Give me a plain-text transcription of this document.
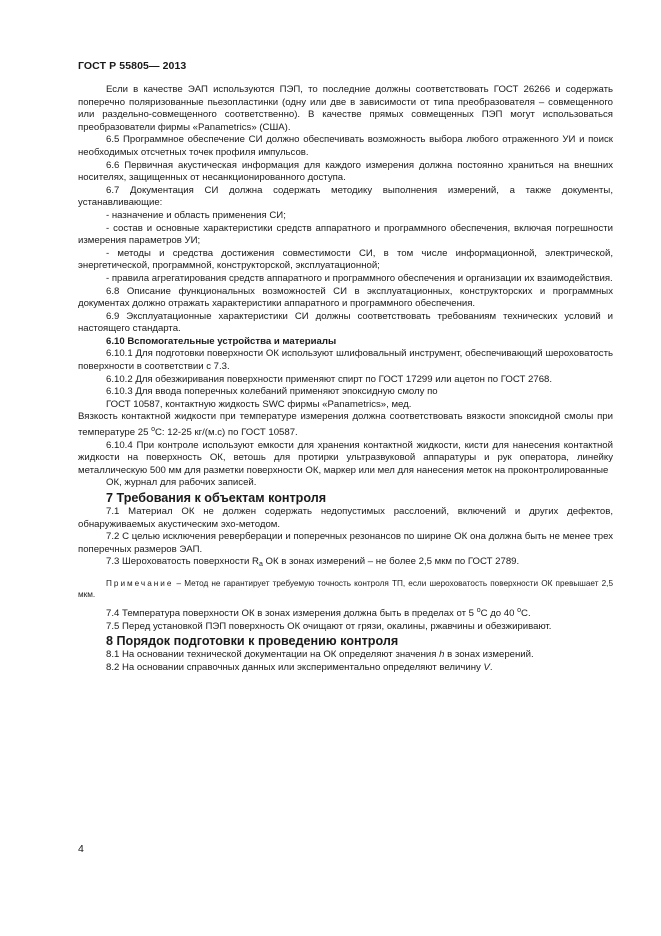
ГОСТ Р 55805— 2013

Если в качестве ЭАП используются ПЭП, то последние должны соответствовать ГОСТ 26266 и содержать поперечно поляризованные пьезопластинки (одну или две в зависимости от типа преобразователя – совмещенного или раздельно-совмещенного соответственно). В качестве прямых совмещенных ПЭП могут использоваться преобразователи фирмы «Panametrics» (США).

6.5 Программное обеспечение СИ должно обеспечивать возможность выбора любого отраженного УИ и поиск необходимых отсчетных точек профиля импульсов.

6.6 Первичная акустическая информация для каждого измерения должна постоянно храниться на внешних носителях, защищенных от несанкционированного доступа.

6.7 Документация СИ должна содержать методику выполнения измерений, а также документы, устанавливающие:

- назначение и область применения СИ;

- состав и основные характеристики средств аппаратного и программного обеспечения, включая погрешности измерения параметров УИ;

- методы и средства достижения совместимости СИ, в том числе информационной, электрической, энергетической, программной, конструкторской, эксплуатационной;

- правила агрегатирования средств аппаратного и программного обеспечения и организации их взаимодействия.

6.8 Описание функциональных возможностей СИ в эксплуатационных, конструкторских и программных документах должно отражать характеристики аппаратного и программного обеспечения.

6.9 Эксплуатационные характеристики СИ должны соответствовать требованиям технических условий и настоящего стандарта.

6.10 Вспомогательные устройства и материалы

6.10.1 Для подготовки поверхности ОК используют шлифовальный инструмент, обеспечивающий шероховатость поверхности в соответствии с 7.3.

6.10.2 Для обезжиривания поверхности применяют спирт по ГОСТ 17299 или ацетон по ГОСТ 2768.

6.10.3 Для ввода поперечных колебаний применяют эпоксидную смолу по

ГОСТ 10587, контактную жидкость SWC фирмы «Panametrics», мед.

Вязкость контактной жидкости при температуре измерения должна соответствовать вязкости эпоксидной смолы при температуре 25 $^о$С: 12-25 кг/(м.с) по ГОСТ 10587.

6.10.4 При контроле используют емкости для хранения контактной жидкости, кисти для нанесения контактной жидкости на поверхность ОК, ветошь для протирки ультразвуковой аппаратуры и рук оператора, линейку металлическую 500 мм для разметки поверхности ОК, маркер или мел для нанесения меток на проконтролированные

ОК, журнал для рабочих записей.

7 Требования к объектам контроля

7.1 Материал ОК не должен содержать недопустимых расслоений, включений и других дефектов, обнаруживаемых акустическим эхо-методом.

7.2 С целью исключения реверберации и поперечных резонансов по ширине ОК она должна быть не менее трех поперечных размеров ЭАП.

7.3 Шероховатость поверхности $R_a$ ОК в зонах измерений – не более 2,5 мкм по ГОСТ 2789.

Примечание – Метод не гарантирует требуемую точность контроля ТП, если шероховатость поверхности ОК превышает 2,5 мкм.

7.4 Температура поверхности ОК в зонах измерения должна быть в пределах от 5 $^о$С до 40 $^о$С.

7.5 Перед установкой ПЭП поверхность ОК очищают от грязи, окалины, ржавчины и обезжиривают.

8 Порядок подготовки к проведению контроля

8.1 На основании технической документации на ОК определяют значения h в зонах измерений.

8.2 На основании справочных данных или экспериментально определяют величину V.

4
